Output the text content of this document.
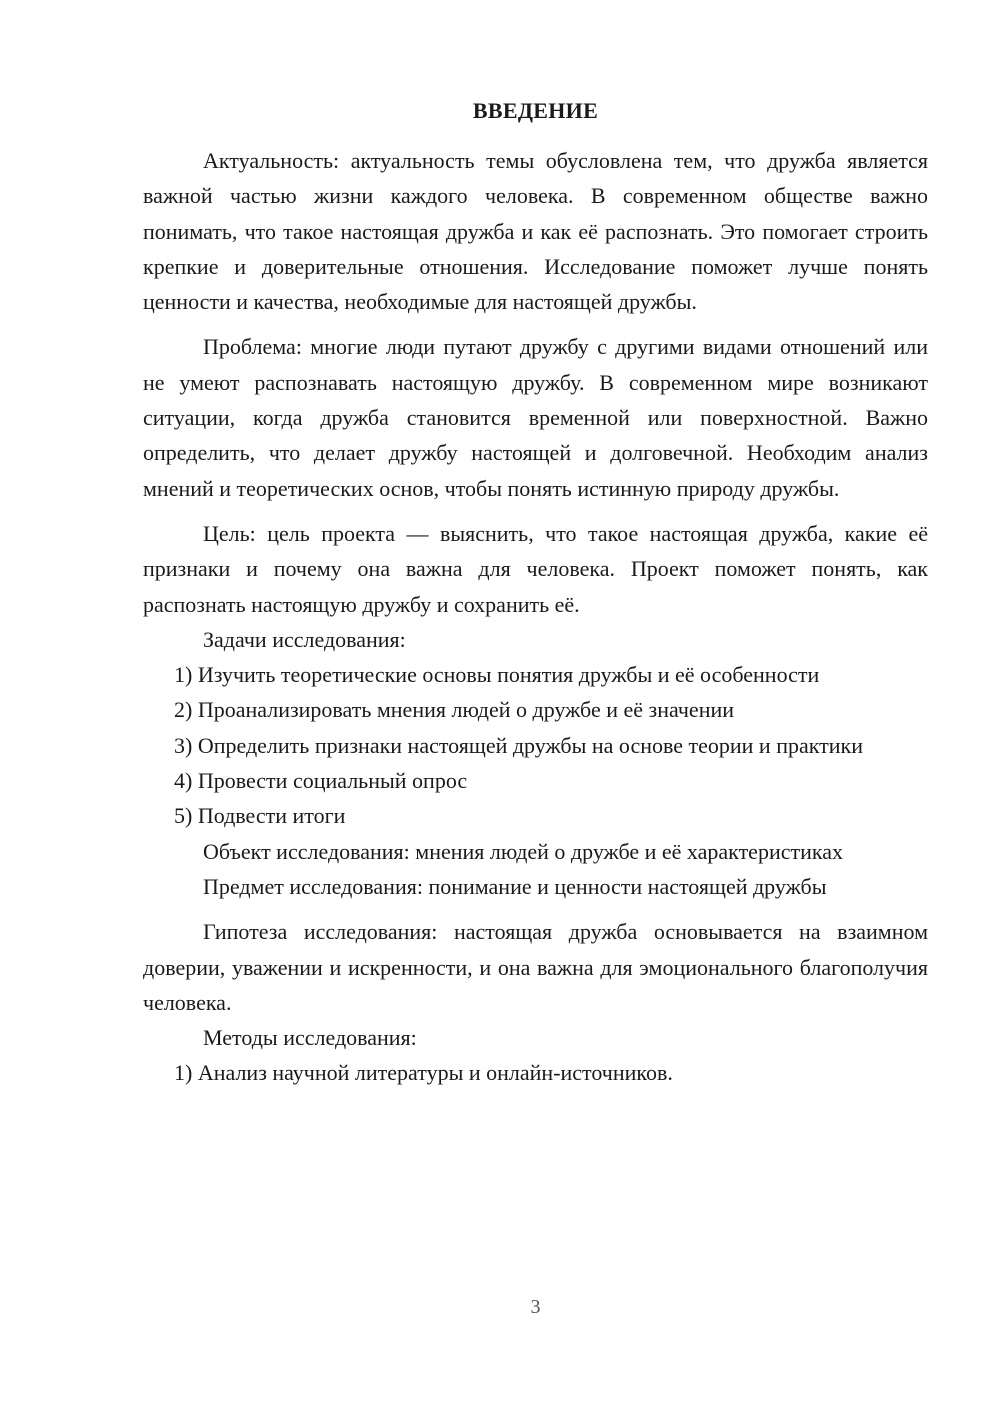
ВВЕДЕНИЕ

Актуальность: актуальность темы обусловлена тем, что дружба является важной частью жизни каждого человека. В современном обществе важно понимать, что такое настоящая дружба и как её распознать. Это помогает строить крепкие и доверительные отношения. Исследование поможет лучше понять ценности и качества, необходимые для настоящей дружбы.

Проблема: многие люди путают дружбу с другими видами отношений или не умеют распознавать настоящую дружбу. В современном мире возникают ситуации, когда дружба становится временной или поверхностной. Важно определить, что делает дружбу настоящей и долговечной. Необходим анализ мнений и теоретических основ, чтобы понять истинную природу дружбы.

Цель: цель проекта — выяснить, что такое настоящая дружба, какие её признаки и почему она важна для человека. Проект поможет понять, как распознать настоящую дружбу и сохранить её.

Задачи исследования:

1) Изучить теоретические основы понятия дружбы и её особенности

2) Проанализировать мнения людей о дружбе и её значении

3) Определить признаки настоящей дружбы на основе теории и практики

4) Провести социальный опрос

5) Подвести итоги

Объект исследования: мнения людей о дружбе и её характеристиках

Предмет исследования: понимание и ценности настоящей дружбы

Гипотеза исследования: настоящая дружба основывается на взаимном доверии, уважении и искренности, и она важна для эмоционального благополучия человека.

Методы исследования:

1) Анализ научной литературы и онлайн-источников.

3
